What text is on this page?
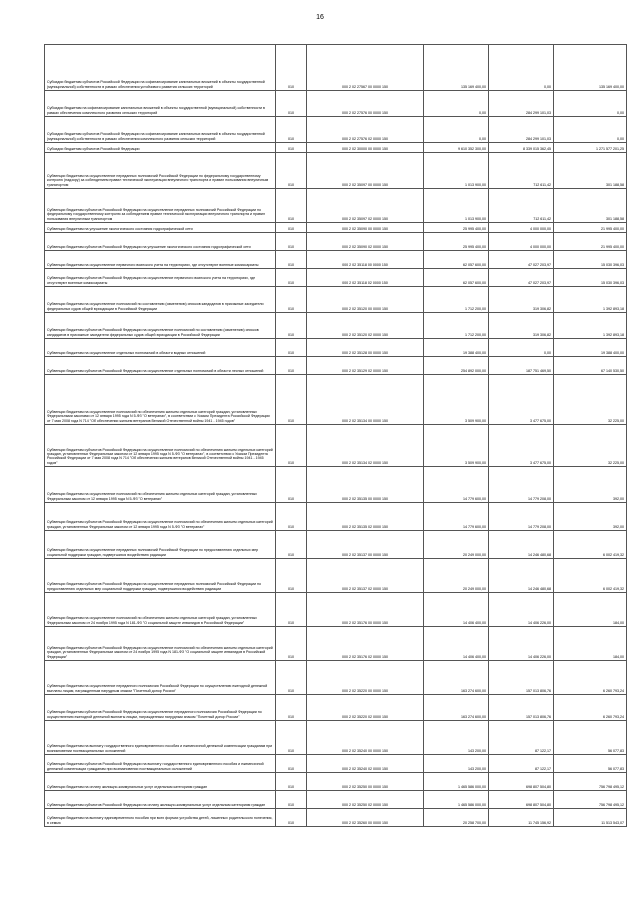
16
Субсидии бюджетам субъектов Российской Федерации на софинансирование капитальных вложений в объекты государственной (муниципальной) собственности в рамках обеспечения устойчивого развития сельских территорий	010	000 2 02 27567 00 0000 150	135 169 400,00	0,00	135 169 400,00
Субсидии бюджетам на софинансирование капитальных вложений в объекты государственной (муниципальной) собственности в рамках обеспечения комплексного развития сельских территорий	010	000 2 02 27576 00 0000 150	0,00	284 299 101,03	0,00
Субсидии бюджетам субъектов Российской Федерации на софинансирование капитальных вложений в объекты государственной (муниципальной) собственности в рамках обеспечения комплексного развития сельских территорий	010	000 2 02 27576 02 0000 150	0,00	284 299 101,03	0,00
Субсидии бюджетам субъектов Российской Федерации	010	000 2 02 30000 00 0000 150	9 610 352 300,00	8 339 015 362,45	1 271 577 201,25
Субвенции бюджетам на осуществление переданных полномочий Российской Федерации по федеральному государственному контролю (надзору) за соблюдением правил технической эксплуатации внеуличного транспорта и правил пользования внеуличным транспортом	010	000 2 02 35097 00 0000 150	1 013 900,00	712 611,42	301 188,58
Субвенции бюджетам субъектов Российской Федерации на осуществление переданных полномочий Российской Федерации по федеральному государственному контролю за соблюдением правил технической эксплуатации внеуличного транспорта и правил пользования внеуличным транспортом	010	000 2 02 35097 02 0000 150	1 013 900,00	712 611,42	301 188,58
Субвенции бюджетам на улучшение экологического состояния гидрографической сети	010	000 2 02 35090 00 0000 150	25 995 400,00	4 000 000,00	21 995 400,00
Субвенции бюджетам субъектов Российской Федерации на улучшение экологического состояния гидрографической сети	010	000 2 02 35090 02 0000 150	25 995 400,00	4 000 000,00	21 995 400,00
Субвенции бюджетам на осуществление первичного воинского учета на территориях, где отсутствуют военные комиссариаты	010	000 2 02 35118 00 0000 150	62 057 600,00	47 027 203,97	15 030 396,03
Субвенции бюджетам субъектов Российской Федерации на осуществление первичного воинского учета на территориях, где отсутствуют военные комиссариаты	010	000 2 02 35118 02 0000 150	62 057 600,00	47 027 203,97	15 030 396,03
Субвенции бюджетам на осуществление полномочий по составлению (изменению) списков кандидатов в присяжные заседатели федеральных судов общей юрисдикции в Российской Федерации	010	000 2 02 35120 00 0000 150	1 712 200,00	319 306,82	1 392 893,18
Субвенции бюджетам субъектов Российской Федерации на осуществление полномочий по составлению (изменению) списков кандидатов в присяжные заседатели федеральных судов общей юрисдикции в Российской Федерации	010	000 2 02 35120 02 0000 150	1 712 200,00	319 306,82	1 392 893,18
Субвенции бюджетам на осуществление отдельных полномочий в области водных отношений	010	000 2 02 35128 00 0000 150	19 388 400,00	0,00	19 388 400,00
Субвенции бюджетам субъектов Российской Федерации на осуществление отдельных полномочий в области лесных отношений	010	000 2 02 35129 02 0000 150	254 892 000,00	187 751 469,50	67 140 530,50
Субвенции бюджетам на осуществление полномочий по обеспечению жильем отдельных категорий граждан, установленных Федеральными законами от 12 января 1995 года N 5-ФЗ "О ветеранах", в соответствии с Указом Президента Российской Федерации от 7 мая 2008 года N 714 "Об обеспечении жильем ветеранов Великой Отечественной войны 1941 - 1945 годов"	010	000 2 02 35134 00 0000 150	3 509 900,00	3 477 675,00	32 225,00
Субвенции бюджетам субъектов Российской Федерации на осуществление полномочий по обеспечению жильем отдельных категорий граждан, установленных Федеральным законом от 12 января 1995 года N 5-ФЗ "О ветеранах", в соответствии с Указом Президента Российской Федерации от 7 мая 2008 года N 714 "Об обеспечении жильем ветеранов Великой Отечественной войны 1941 - 1945 годов"	010	000 2 02 35134 02 0000 150	3 509 900,00	3 477 675,00	32 225,00
Субвенции бюджетам на осуществление полномочий по обеспечению жильем отдельных категорий граждан, установленных Федеральным законом от 12 января 1995 года N 5-ФЗ "О ветеранах"	010	000 2 02 35135 00 0000 150	14 779 600,00	14 779 208,00	392,00
Субвенции бюджетам субъектов Российской Федерации на осуществление полномочий по обеспечению жильем отдельных категорий граждан, установленных Федеральным законом от 12 января 1995 года N 5-ФЗ "О ветеранах"	010	000 2 02 35135 02 0000 150	14 779 600,00	14 779 208,00	392,00
Субвенции бюджетам на осуществление переданных полномочий Российской Федерации по предоставлению отдельных мер социальной поддержки граждан, подвергшихся воздействию радиации	010	000 2 02 35137 00 0000 150	20 249 000,00	14 246 480,68	6 002 419,32
Субвенции бюджетам субъектов Российской Федерации на осуществление переданных полномочий Российской Федерации по предоставлению отдельных мер социальной поддержки граждан, подвергшихся воздействию радиации	010	000 2 02 35137 02 0000 150	20 249 000,00	14 246 480,68	6 002 419,32
Субвенции бюджетам на осуществление полномочий по обеспечению жильем отдельных категорий граждан, установленных Федеральным законом от 24 ноября 1995 года N 181-ФЗ "О социальной защите инвалидов в Российской Федерации"	010	000 2 02 35176 00 0000 150	14 406 400,00	14 406 226,00	184,00
Субвенции бюджетам субъектов Российской Федерации на осуществление полномочий по обеспечению жильем отдельных категорий граждан, установленных Федеральным законом от 24 ноября 1995 года N 181-ФЗ "О социальной защите инвалидов в Российской Федерации"	010	000 2 02 35176 02 0000 150	14 406 400,00	14 406 226,00	184,00
Субвенции бюджетам на осуществление переданного полномочия Российской Федерации по осуществлению ежегодной денежной выплаты лицам, награжденным нагрудным знаком "Почетный донор России"	010	000 2 02 35220 00 0000 150	163 274 600,00	157 013 806,76	6 260 793,24
Субвенции бюджетам субъектов Российской Федерации на осуществление переданного полномочия Российской Федерации по осуществлению ежегодной денежной выплаты лицам, награжденным нагрудным знаком "Почетный донор России"	010	000 2 02 35220 02 0000 150	163 274 600,00	157 013 806,76	6 260 793,24
Субвенции бюджетам на выплату государственного единовременного пособия и ежемесячной денежной компенсации гражданам при возникновении поствакцинальных осложнений	010	000 2 02 35240 00 0000 150	143 200,00	87 122,17	56 077,83
Субвенции бюджетам субъектов Российской Федерации на выплату государственного единовременного пособия и ежемесячной денежной компенсации гражданам при возникновении поствакцинальных осложнений	010	000 2 02 35240 02 0000 150	143 200,00	87 122,17	56 077,83
Субвенции бюджетам на оплату жилищно-коммунальных услуг отдельным категориям граждан	010	000 2 02 35250 00 0000 150	1 465 586 000,00	698 807 504,80	756 798 495,12
Субвенции бюджетам субъектов Российской Федерации на оплату жилищно-коммунальных услуг отдельным категориям граждан	010	000 2 02 35250 02 0000 150	1 465 586 000,00	698 807 504,80	756 798 495,12
Субвенции бюджетам на выплату единовременного пособия при всех формах устройства детей, лишенных родительского попечения, в семью	010	000 2 02 35260 00 0000 150	20 258 700,00	11 745 156,92	11 513 543,07
